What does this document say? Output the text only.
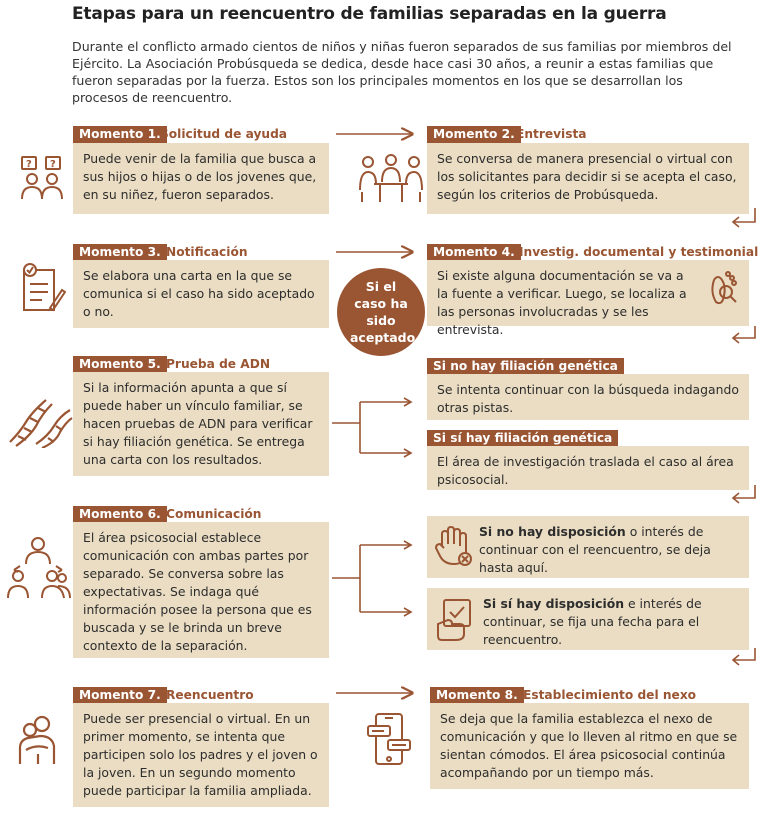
Etapas para un reencuentro de familias separadas en la guerra
Durante el conflicto armado cientos de niños y niñas fueron separados de sus familias por miembros del Ejército. La Asociación Probúsqueda se dedica, desde hace casi 30 años, a reunir a estas familias que fueron separadas por la fuerza. Estos son los principales momentos en los que se desarrollan los procesos de reencuentro.
Momento 1. Solicitud de ayuda
Puede venir de la familia que busca a sus hijos o hijas o de los jovenes que, en su niñez, fueron separados.
? ?
Momento 2. Entrevista
Se conversa de manera presencial o virtual con los solicitantes para decidir si se acepta el caso, según los criterios de Probúsqueda.
Momento 3. Notificación
Se elabora una carta en la que se comunica si el caso ha sido aceptado o no.
Si el caso ha sido aceptado
Momento 4. Investig. documental y testimonial
Si existe alguna documentación se va a la fuente a verificar. Luego, se localiza a las personas involucradas y se les entrevista.
Momento 5. Prueba de ADN
Si la información apunta a que sí puede haber un vínculo familiar, se hacen pruebas de ADN para verificar si hay filiación genética. Se entrega una carta con los resultados.
Si no hay filiación genética
Se intenta continuar con la búsqueda indagando otras pistas.
Si sí hay filiación genética
El área de investigación traslada el caso al área psicosocial.
Momento 6. Comunicación
El área psicosocial establece comunicación con ambas partes por separado. Se conversa sobre las expectativas. Se indaga qué información posee la persona que es buscada y se le brinda un breve contexto de la separación.
Si no hay disposición o interés de continuar con el reencuentro, se deja hasta aquí.
Si sí hay disposición e interés de continuar, se fija una fecha para el reencuentro.
Momento 7. Reencuentro
Puede ser presencial o virtual. En un primer momento, se intenta que participen solo los padres y el joven o la joven. En un segundo momento puede participar la familia ampliada.
Momento 8. Establecimiento del nexo
Se deja que la familia establezca el nexo de comunicación y que lo lleven al ritmo en que se sientan cómodos. El área psicosocial continúa acompañando por un tiempo más.
